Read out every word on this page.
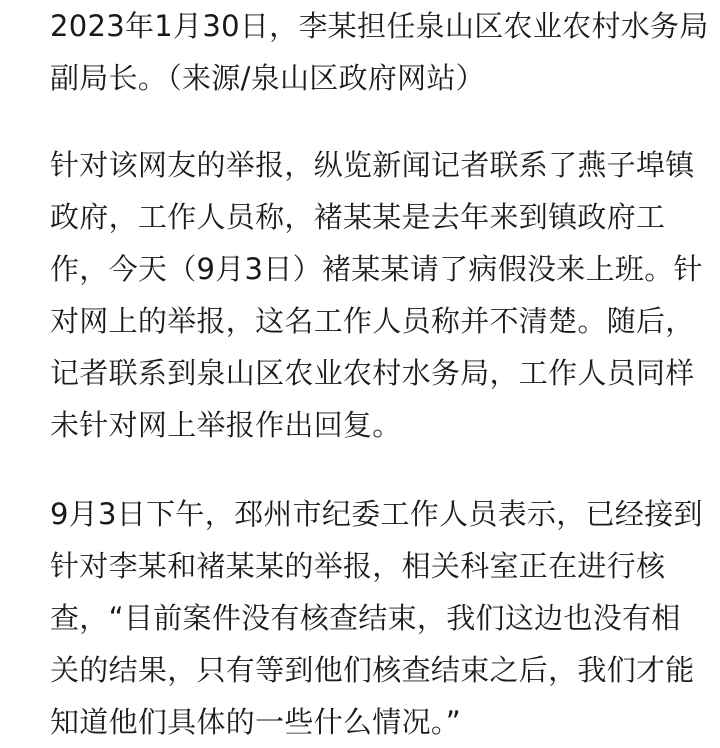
2023年1月30日，李某担任泉山区农业农村水务局
副局长。（来源/泉山区政府网站）
针对该网友的举报，纵览新闻记者联系了燕子埠镇
政府，工作人员称，褚某某是去年来到镇政府工
作，今天（9月3日）褚某某请了病假没来上班。针
对网上的举报，这名工作人员称并不清楚。随后，
记者联系到泉山区农业农村水务局，工作人员同样
未针对网上举报作出回复。
9月3日下午，邳州市纪委工作人员表示，已经接到
针对李某和褚某某的举报，相关科室正在进行核
查，“目前案件没有核查结束，我们这边也没有相
关的结果，只有等到他们核查结束之后，我们才能
知道他们具体的一些什么情况。”
